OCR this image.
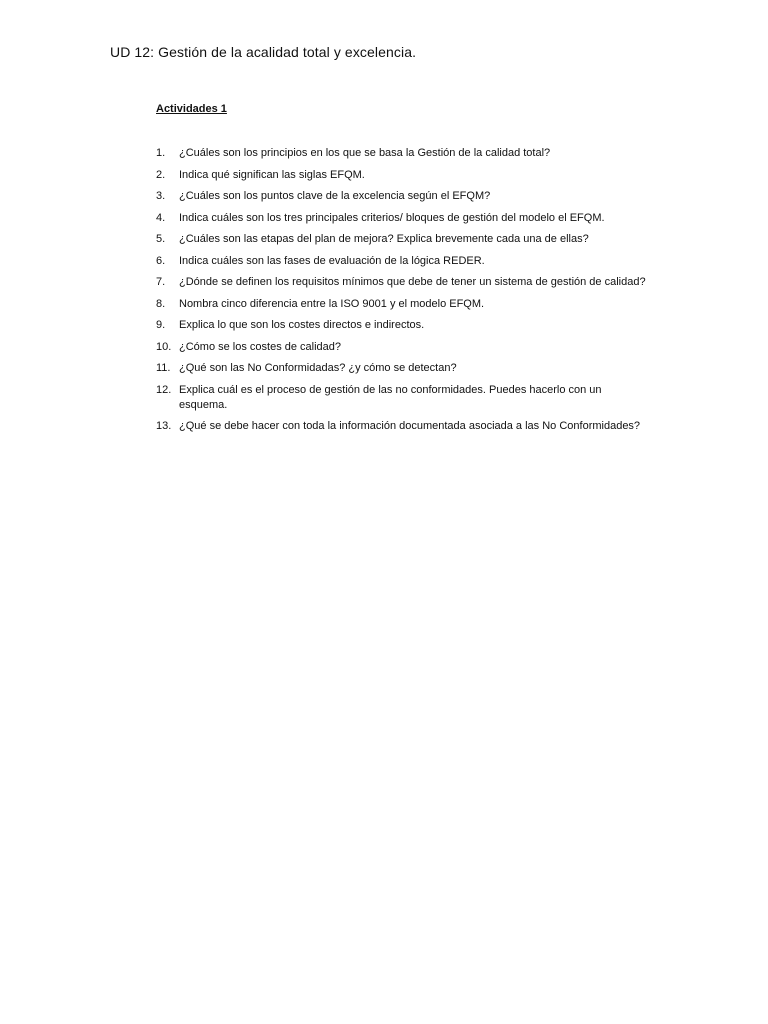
UD 12: Gestión de la acalidad total y excelencia.
Actividades 1
1.	¿Cuáles son los principios en los que se basa la Gestión de la calidad total?
2.	Indica qué significan las siglas EFQM.
3.	¿Cuáles son los puntos clave de la excelencia según el EFQM?
4.	Indica cuáles son los tres principales criterios/ bloques de gestión del modelo el EFQM.
5.	¿Cuáles son las etapas del plan de mejora? Explica brevemente cada una de ellas?
6.	Indica cuáles son las fases de evaluación de la lógica REDER.
7.	¿Dónde se definen los requisitos mínimos que debe de tener un sistema de gestión de calidad?
8.	Nombra cinco diferencia entre la ISO 9001 y el modelo EFQM.
9.	Explica lo que son los costes directos e indirectos.
10. ¿Cómo se los costes de calidad?
11. ¿Qué son las No Conformidadas? ¿y cómo se detectan?
12. Explica cuál es el proceso de gestión de las no conformidades. Puedes hacerlo con un esquema.
13. ¿Qué se debe hacer con toda la información documentada asociada a las No Conformidades?
